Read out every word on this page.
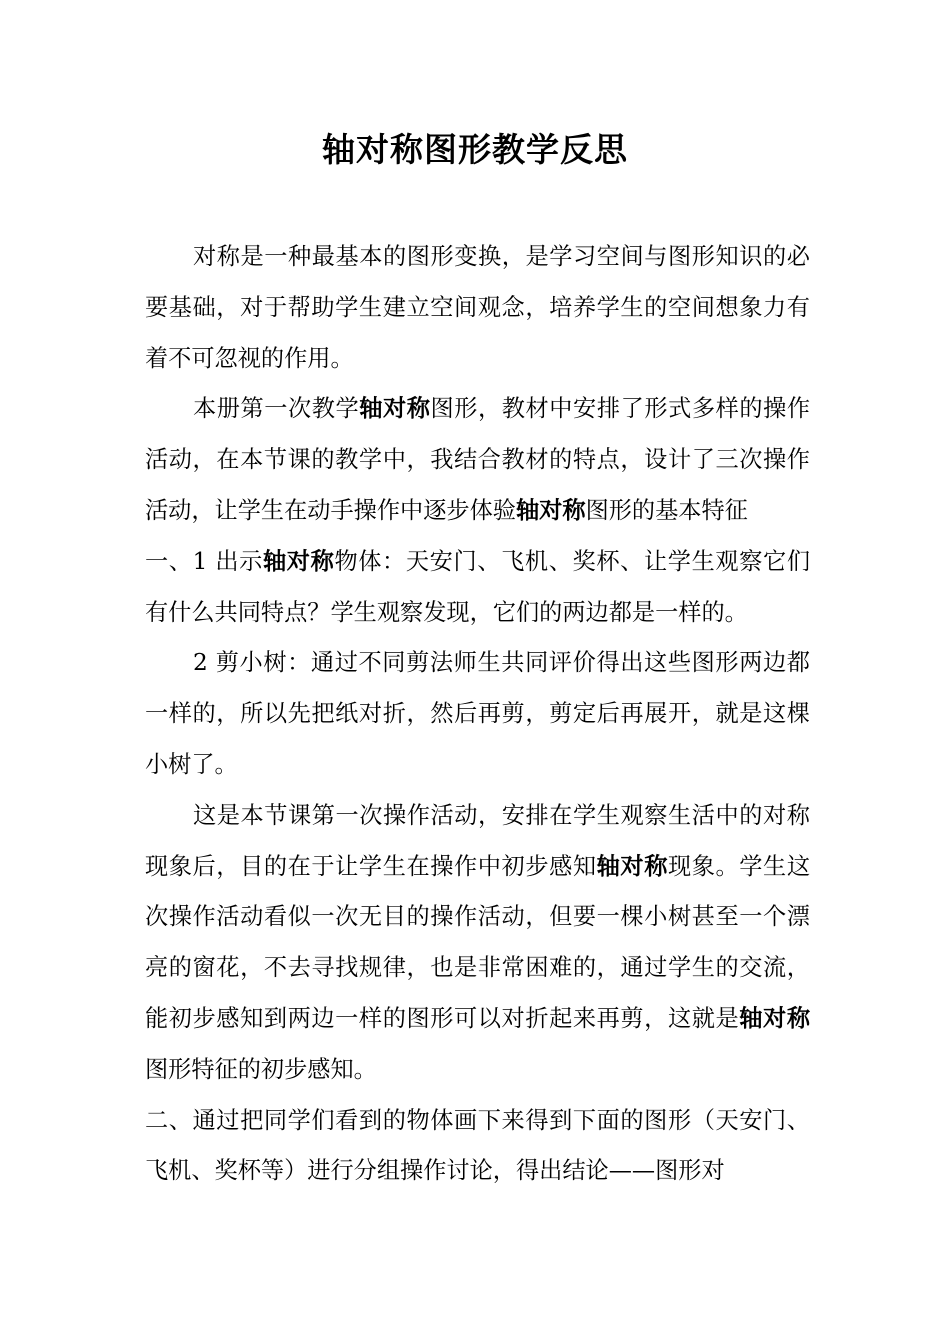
轴对称图形教学反思

对称是一种最基本的图形变换，是学习空间与图形知识的必要基础，对于帮助学生建立空间观念，培养学生的空间想象力有着不可忽视的作用。

本册第一次教学轴对称图形，教材中安排了形式多样的操作活动，在本节课的教学中，我结合教材的特点，设计了三次操作活动，让学生在动手操作中逐步体验轴对称图形的基本特征

一、1 出示轴对称物体：天安门、飞机、奖杯、让学生观察它们有什么共同特点？学生观察发现，它们的两边都是一样的。

2 剪小树：通过不同剪法师生共同评价得出这些图形两边都一样的，所以先把纸对折，然后再剪，剪定后再展开，就是这棵小树了。

这是本节课第一次操作活动，安排在学生观察生活中的对称现象后，目的在于让学生在操作中初步感知轴对称现象。学生这次操作活动看似一次无目的操作活动，但要一棵小树甚至一个漂亮的窗花，不去寻找规律，也是非常困难的，通过学生的交流，能初步感知到两边一样的图形可以对折起来再剪，这就是轴对称图形特征的初步感知。

二、通过把同学们看到的物体画下来得到下面的图形（天安门、飞机、奖杯等）进行分组操作讨论，得出结论——图形对
